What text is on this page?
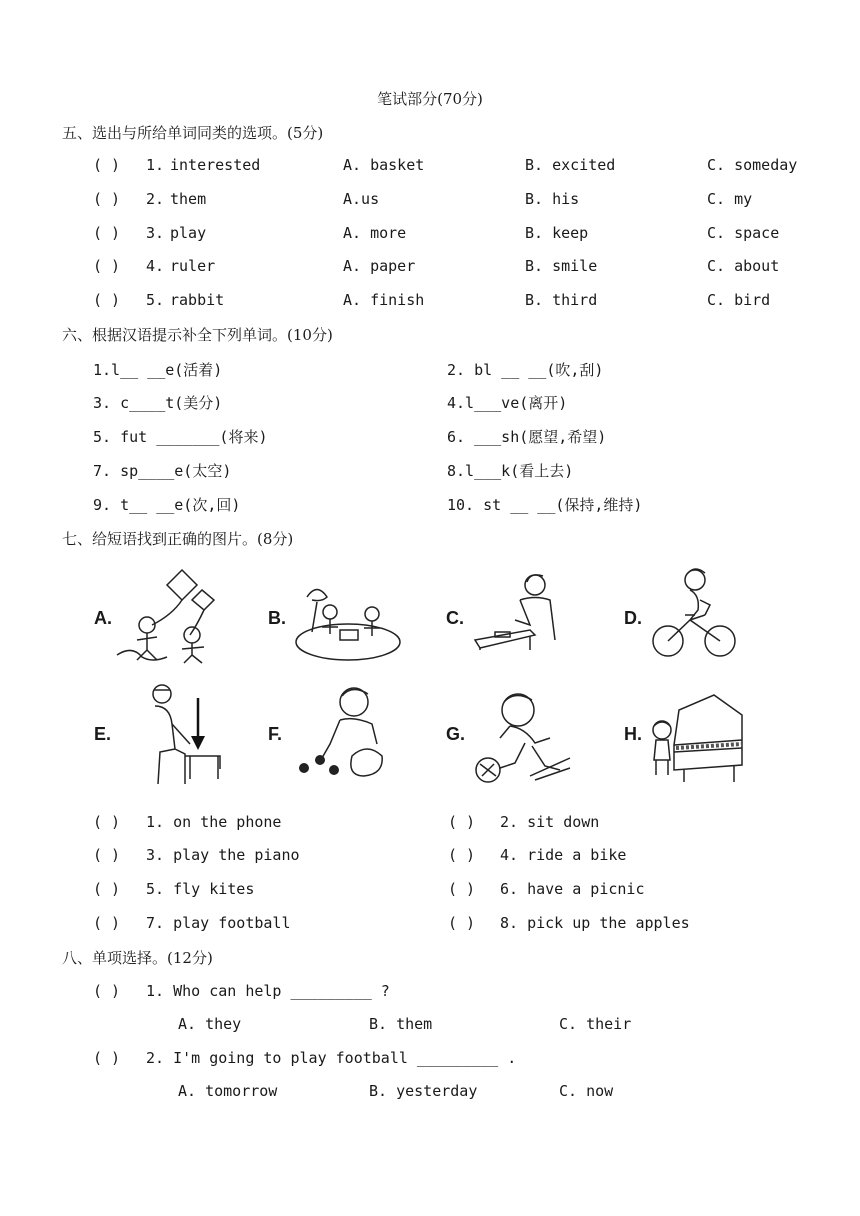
笔试部分(70分)
五、选出与所给单词同类的选项。(5分)
( ) 1. interested	A. basket	B. excited	C. someday
( ) 2. them	A.us	B. his	C. my
( ) 3. play	A. more	B. keep	C. space
( ) 4. ruler	A. paper	B. smile	C. about
( ) 5. rabbit	A. finish	B. third	C. bird
六、根据汉语提示补全下列单词。(10分)
1.l__ __e(活着)	2. bl __ __(吹,刮)
3. c____t(美分)	4.l___ve(离开)
5. fut _______(将来)	6. ___sh(愿望,希望)
7. sp____e(太空)	8.l___k(看上去)
9. t__ __e(次,回)	10. st __ __(保持,维持)
七、给短语找到正确的图片。(8分)
A.	B.	C.	D.
E.	F.	G.	H.
( ) 1. on the phone	( ) 2. sit down
( ) 3. play the piano	( ) 4. ride a bike
( ) 5. fly kites	( ) 6. have a picnic
( ) 7. play football	( ) 8. pick up the apples
八、单项选择。(12分)
( ) 1. Who can help _________ ?
A. they	B. them	C. their
( ) 2. I'm going to play football _________ .
A. tomorrow	B. yesterday	C. now
